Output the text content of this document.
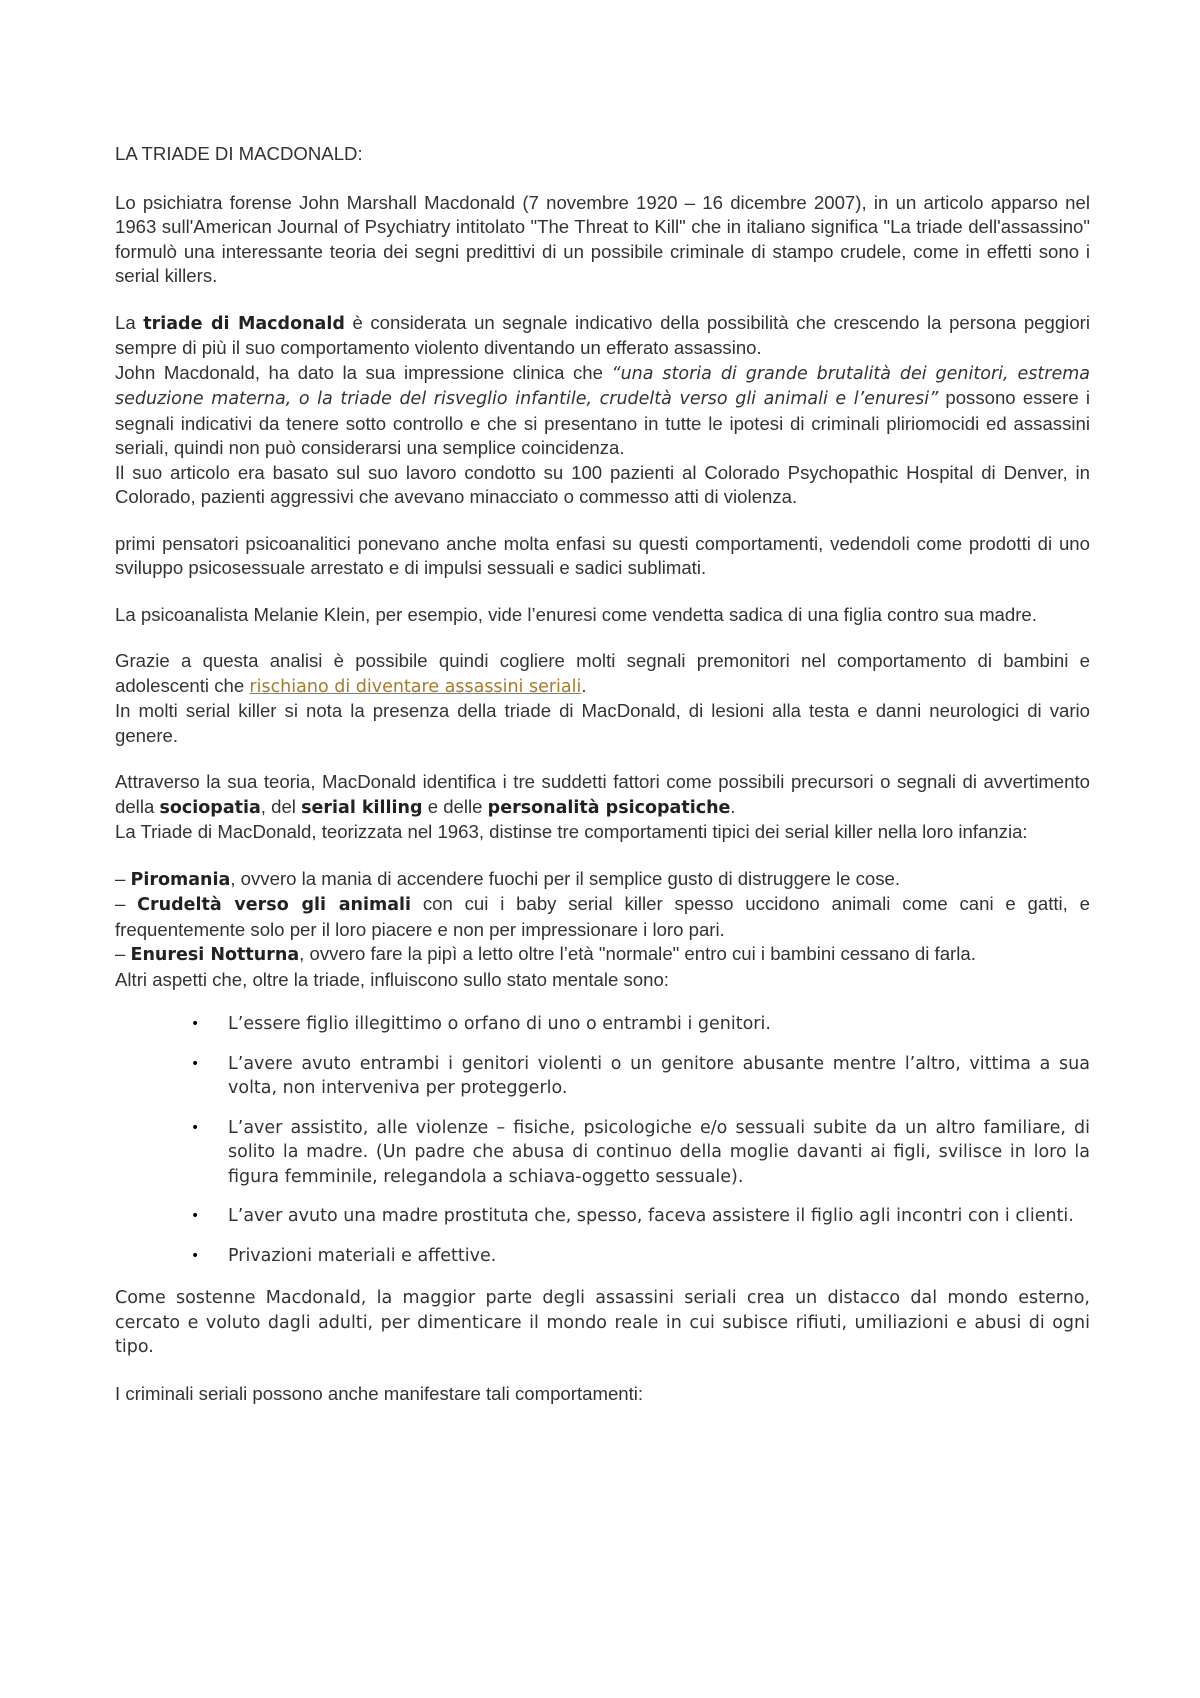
LA TRIADE DI MACDONALD:

Lo psichiatra forense John Marshall Macdonald (7 novembre 1920 – 16 dicembre 2007), in un articolo apparso nel 1963 sull'American Journal of Psychiatry intitolato "The Threat to Kill" che in italiano significa "La triade dell'assassino" formulò una interessante teoria dei segni predittivi di un possibile criminale di stampo crudele, come in effetti sono i serial killers.

La triade di Macdonald è considerata un segnale indicativo della possibilità che crescendo la persona peggiori sempre di più il suo comportamento violento diventando un efferato assassino.

John Macdonald, ha dato la sua impressione clinica che “una storia di grande brutalità dei genitori, estrema seduzione materna, o la triade del risveglio infantile, crudeltà verso gli animali e l’enuresi” possono essere i segnali indicativi da tenere sotto controllo e che si presentano in tutte le ipotesi di criminali pliriomocidi ed assassini seriali, quindi non può considerarsi una semplice coincidenza.

Il suo articolo era basato sul suo lavoro condotto su 100 pazienti al Colorado Psychopathic Hospital di Denver, in Colorado, pazienti aggressivi che avevano minacciato o commesso atti di violenza.

primi pensatori psicoanalitici ponevano anche molta enfasi su questi comportamenti, vedendoli come prodotti di uno sviluppo psicosessuale arrestato e di impulsi sessuali e sadici sublimati.

La psicoanalista Melanie Klein, per esempio, vide l’enuresi come vendetta sadica di una figlia contro sua madre.

Grazie a questa analisi è possibile quindi cogliere molti segnali premonitori nel comportamento di bambini e adolescenti che rischiano di diventare assassini seriali.

In molti serial killer si nota la presenza della triade di MacDonald, di lesioni alla testa e danni neurologici di vario genere.

Attraverso la sua teoria, MacDonald identifica i tre suddetti fattori come possibili precursori o segnali di avvertimento della sociopatia, del serial killing e delle personalità psicopatiche.

La Triade di MacDonald, teorizzata nel 1963, distinse tre comportamenti tipici dei serial killer nella loro infanzia:

– Piromania, ovvero la mania di accendere fuochi per il semplice gusto di distruggere le cose.

– Crudeltà verso gli animali con cui i baby serial killer spesso uccidono animali come cani e gatti, e frequentemente solo per il loro piacere e non per impressionare i loro pari.

– Enuresi Notturna, ovvero fare la pipì a letto oltre l’età "normale" entro cui i bambini cessano di farla.

Altri aspetti che, oltre la triade, influiscono sullo stato mentale sono:

• L’essere figlio illegittimo o orfano di uno o entrambi i genitori.
• L’avere avuto entrambi i genitori violenti o un genitore abusante mentre l’altro, vittima a sua volta, non interveniva per proteggerlo.
• L’aver assistito, alle violenze – fisiche, psicologiche e/o sessuali subite da un altro familiare, di solito la madre. (Un padre che abusa di continuo della moglie davanti ai figli, svilisce in loro la figura femminile, relegandola a schiava-oggetto sessuale).
• L’aver avuto una madre prostituta che, spesso, faceva assistere il figlio agli incontri con i clienti.
• Privazioni materiali e affettive.

Come sostenne Macdonald, la maggior parte degli assassini seriali crea un distacco dal mondo esterno, cercato e voluto dagli adulti, per dimenticare il mondo reale in cui subisce rifiuti, umiliazioni e abusi di ogni tipo.

I criminali seriali possono anche manifestare tali comportamenti:
